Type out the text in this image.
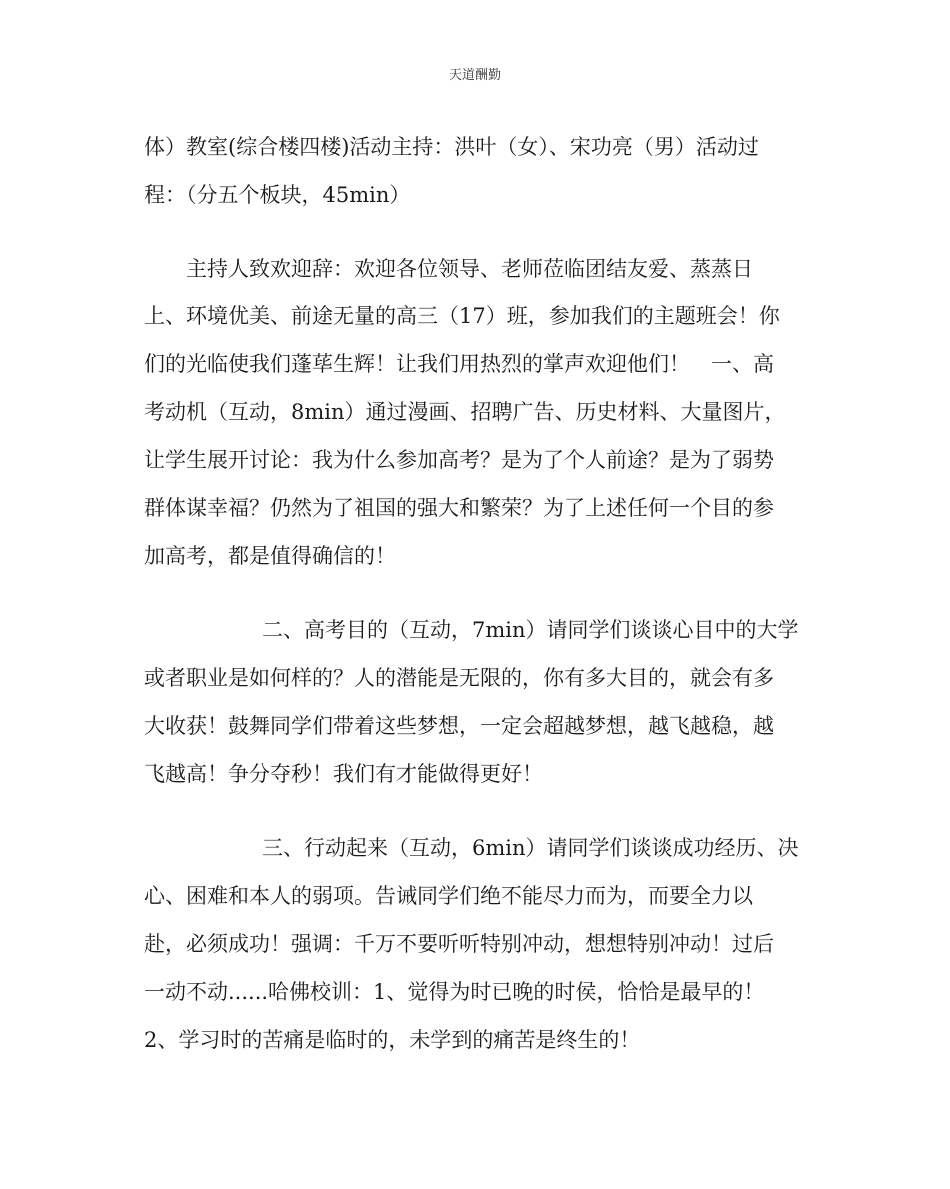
天道酬勤
体）教室(综合楼四楼)活动主持：洪叶（女）、宋功亮（男）活动过
程：（分五个板块，45min）
主持人致欢迎辞：欢迎各位领导、老师莅临团结友爱、蒸蒸日
上、环境优美、前途无量的高三（17）班，参加我们的主题班会！你
们的光临使我们蓬荜生辉！让我们用热烈的掌声欢迎他们！　一、高
考动机（互动，8min）通过漫画、招聘广告、历史材料、大量图片，
让学生展开讨论：我为什么参加高考？是为了个人前途？是为了弱势
群体谋幸福？仍然为了祖国的强大和繁荣？为了上述任何一个目的参
加高考，都是值得确信的！
二、高考目的（互动，7min）请同学们谈谈心目中的大学
或者职业是如何样的？人的潜能是无限的，你有多大目的，就会有多
大收获！鼓舞同学们带着这些梦想，一定会超越梦想，越飞越稳，越
飞越高！争分夺秒！我们有才能做得更好！
三、行动起来（互动，6min）请同学们谈谈成功经历、决
心、困难和本人的弱项。告诫同学们绝不能尽力而为，而要全力以
赴，必须成功！强调：千万不要听听特别冲动，想想特别冲动！过后
一动不动......哈佛校训：1、觉得为时已晚的时侯，恰恰是最早的！
2、学习时的苦痛是临时的，未学到的痛苦是终生的！
